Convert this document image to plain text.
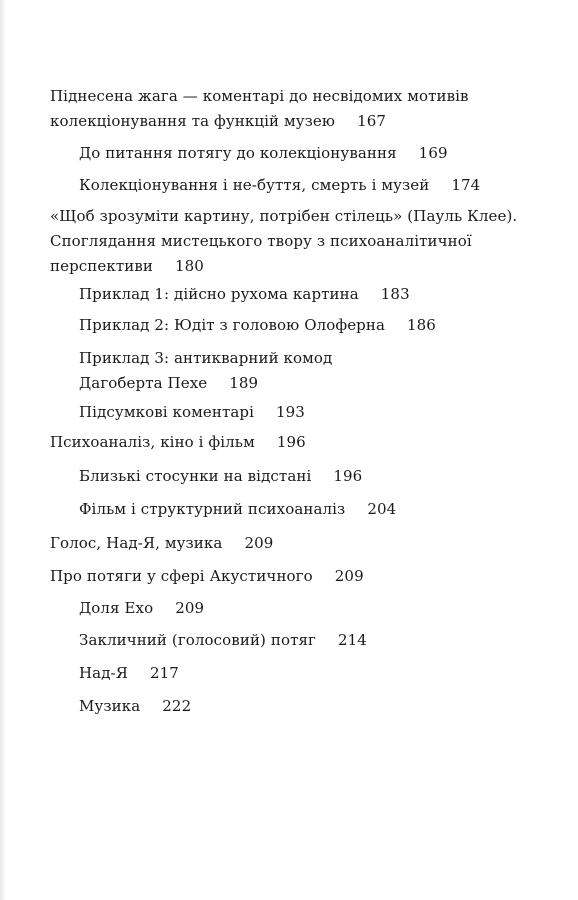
Піднесена жага — коментарі до несвідомих мотивів
колекціонування та функцій музею 167
До питання потягу до колекціонування 169
Колекціонування і не-буття, смерть і музей 174
«Щоб зрозуміти картину, потрібен стілець» (Пауль Клее).
Споглядання мистецького твору з психоаналітичної
перспективи 180
Приклад 1: дійсно рухома картина 183
Приклад 2: Юдіт з головою Олоферна 186
Приклад 3: антикварний комод
Дагоберта Пехе 189
Підсумкові коментарі 193
Психоаналіз, кіно і фільм 196
Близькі стосунки на відстані 196
Фільм і структурний психоаналіз 204
Голос, Над-Я, музика 209
Про потяги у сфері Акустичного 209
Доля Ехо 209
Закличний (голосовий) потяг 214
Над-Я 217
Музика 222
